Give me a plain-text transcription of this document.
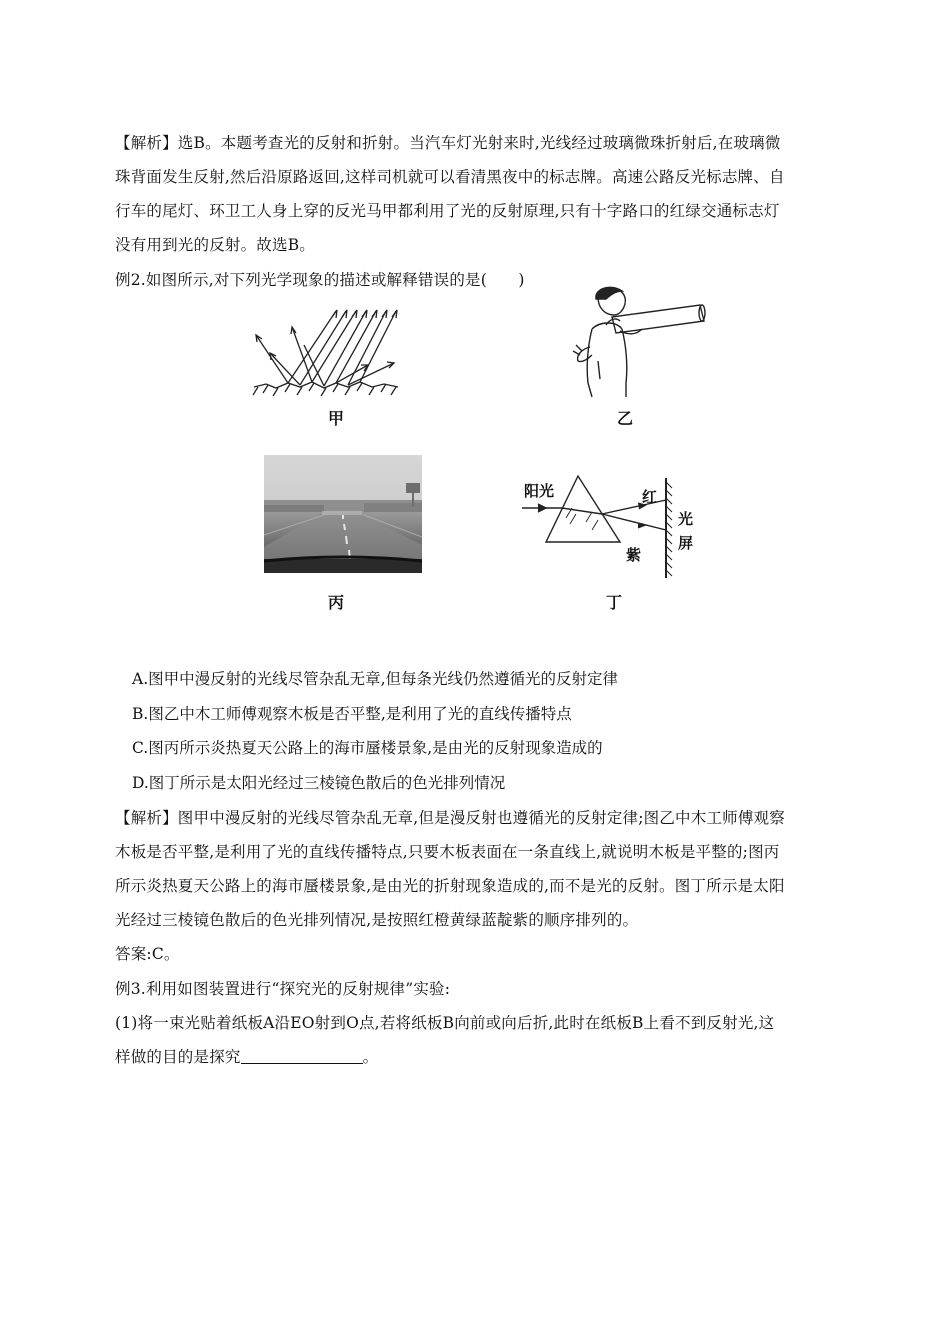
【解析】选B。本题考查光的反射和折射。当汽车灯光射来时,光线经过玻璃微珠折射后,在玻璃微

珠背面发生反射,然后沿原路返回,这样司机就可以看清黑夜中的标志牌。高速公路反光标志牌、自

行车的尾灯、环卫工人身上穿的反光马甲都利用了光的反射原理,只有十字路口的红绿交通标志灯

没有用到光的反射。故选B。

例2.如图所示,对下列光学现象的描述或解释错误的是(　　)

甲	乙
丙
阳光	红
紫
光
屏
丁

A.图甲中漫反射的光线尽管杂乱无章,但每条光线仍然遵循光的反射定律

B.图乙中木工师傅观察木板是否平整,是利用了光的直线传播特点

C.图丙所示炎热夏天公路上的海市蜃楼景象,是由光的反射现象造成的

D.图丁所示是太阳光经过三棱镜色散后的色光排列情况

【解析】图甲中漫反射的光线尽管杂乱无章,但是漫反射也遵循光的反射定律;图乙中木工师傅观察

木板是否平整,是利用了光的直线传播特点,只要木板表面在一条直线上,就说明木板是平整的;图丙

所示炎热夏天公路上的海市蜃楼景象,是由光的折射现象造成的,而不是光的反射。图丁所示是太阳

光经过三棱镜色散后的色光排列情况,是按照红橙黄绿蓝靛紫的顺序排列的。

答案:C。

例3.利用如图装置进行“探究光的反射规律”实验:

(1)将一束光贴着纸板A沿EO射到O点,若将纸板B向前或向后折,此时在纸板B上看不到反射光,这

样做的目的是探究	。
